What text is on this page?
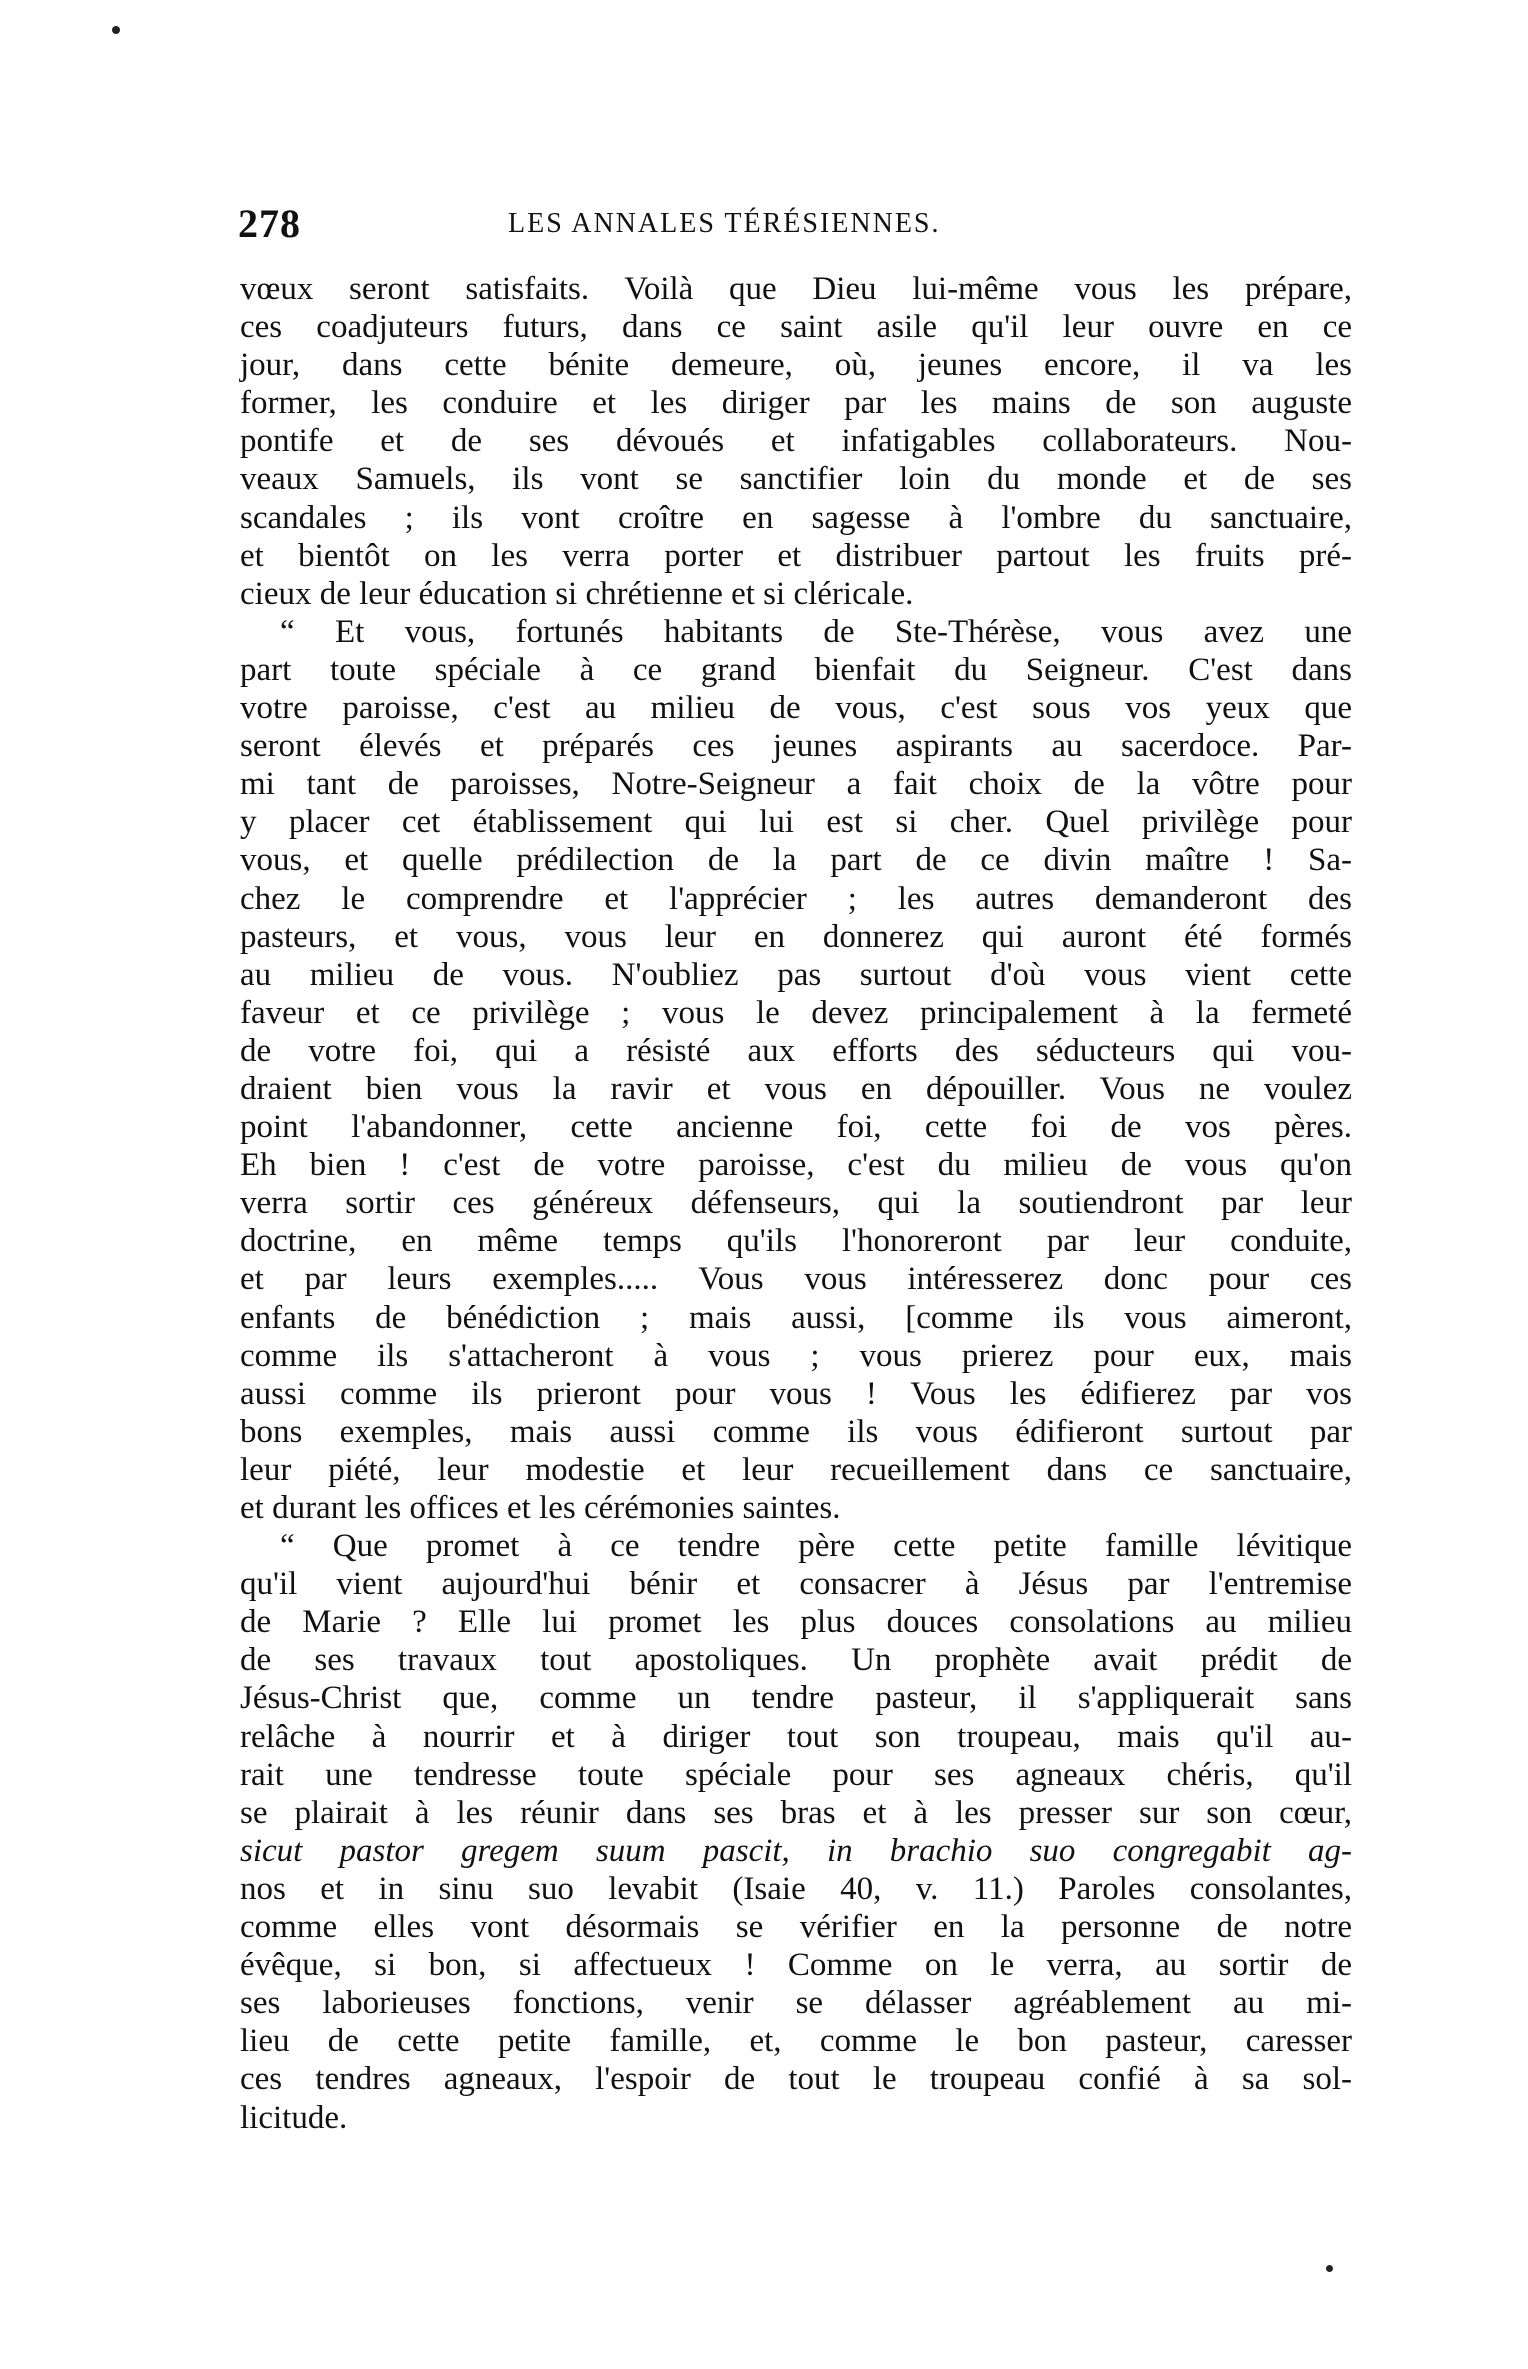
278	LES ANNALES TÉRÉSIENNES.
vœux seront satisfaits. Voilà que Dieu lui-même vous les prépare,
ces coadjuteurs futurs, dans ce saint asile qu'il leur ouvre en ce
jour, dans cette bénite demeure, où, jeunes encore, il va les
former, les conduire et les diriger par les mains de son auguste
pontife et de ses dévoués et infatigables collaborateurs. Nou-
veaux Samuels, ils vont se sanctifier loin du monde et de ses
scandales ; ils vont croître en sagesse à l'ombre du sanctuaire,
et bientôt on les verra porter et distribuer partout les fruits pré-
cieux de leur éducation si chrétienne et si cléricale.
“ Et vous, fortunés habitants de Ste-Thérèse, vous avez une
part toute spéciale à ce grand bienfait du Seigneur. C'est dans
votre paroisse, c'est au milieu de vous, c'est sous vos yeux que
seront élevés et préparés ces jeunes aspirants au sacerdoce. Par-
mi tant de paroisses, Notre-Seigneur a fait choix de la vôtre pour
y placer cet établissement qui lui est si cher. Quel privilège pour
vous, et quelle prédilection de la part de ce divin maître ! Sa-
chez le comprendre et l'apprécier ; les autres demanderont des
pasteurs, et vous, vous leur en donnerez qui auront été formés
au milieu de vous. N'oubliez pas surtout d'où vous vient cette
faveur et ce privilège ; vous le devez principalement à la fermeté
de votre foi, qui a résisté aux efforts des séducteurs qui vou-
draient bien vous la ravir et vous en dépouiller. Vous ne voulez
point l'abandonner, cette ancienne foi, cette foi de vos pères.
Eh bien ! c'est de votre paroisse, c'est du milieu de vous qu'on
verra sortir ces généreux défenseurs, qui la soutiendront par leur
doctrine, en même temps qu'ils l'honoreront par leur conduite,
et par leurs exemples..... Vous vous intéresserez donc pour ces
enfants de bénédiction ; mais aussi, [comme ils vous aimeront,
comme ils s'attacheront à vous ; vous prierez pour eux, mais
aussi comme ils prieront pour vous ! Vous les édifierez par vos
bons exemples, mais aussi comme ils vous édifieront surtout par
leur piété, leur modestie et leur recueillement dans ce sanctuaire,
et durant les offices et les cérémonies saintes.
“ Que promet à ce tendre père cette petite famille lévitique
qu'il vient aujourd'hui bénir et consacrer à Jésus par l'entremise
de Marie ? Elle lui promet les plus douces consolations au milieu
de ses travaux tout apostoliques. Un prophète avait prédit de
Jésus-Christ que, comme un tendre pasteur, il s'appliquerait sans
relâche à nourrir et à diriger tout son troupeau, mais qu'il au-
rait une tendresse toute spéciale pour ses agneaux chéris, qu'il
se plairait à les réunir dans ses bras et à les presser sur son cœur,
sicut pastor gregem suum pascit, in brachio suo congregabit ag-
nos et in sinu suo levabit (Isaie 40, v. 11.) Paroles consolantes,
comme elles vont désormais se vérifier en la personne de notre
évêque, si bon, si affectueux ! Comme on le verra, au sortir de
ses laborieuses fonctions, venir se délasser agréablement au mi-
lieu de cette petite famille, et, comme le bon pasteur, caresser
ces tendres agneaux, l'espoir de tout le troupeau confié à sa sol-
licitude.
